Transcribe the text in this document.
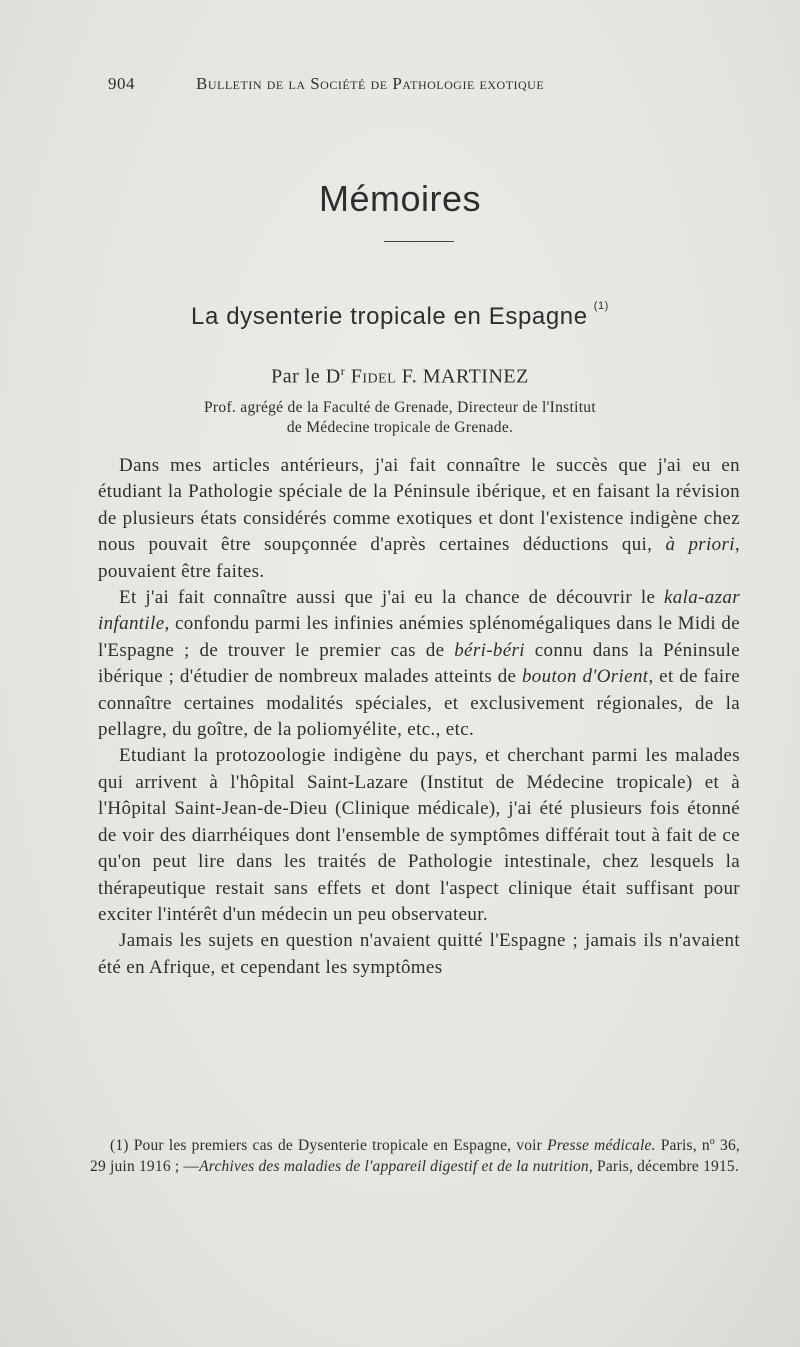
904	Bulletin de la Société de Pathologie exotique
Mémoires
La dysenterie tropicale en Espagne $^{(1)}$
Par le $D^r$ Fidel F. MARTINEZ
Prof. agrégé de la Faculté de Grenade, Directeur de l'Institut
de Médecine tropicale de Grenade.

Dans mes articles antérieurs, j'ai fait connaître le succès que j'ai eu en étudiant la Pathologie spéciale de la Péninsule ibérique, et en faisant la révision de plusieurs états considérés comme exotiques et dont l'existence indigène chez nous pouvait être soupçonnée d'après certaines déductions qui, à priori, pouvaient être faites.

Et j'ai fait connaître aussi que j'ai eu la chance de découvrir le kala-azar infantile, confondu parmi les infinies anémies splénomégaliques dans le Midi de l'Espagne ; de trouver le premier cas de béri-béri connu dans la Péninsule ibérique ; d'étudier de nombreux malades atteints de bouton d'Orient, et de faire connaître certaines modalités spéciales, et exclusivement régionales, de la pellagre, du goître, de la poliomyélite, etc., etc.

Etudiant la protozoologie indigène du pays, et cherchant parmi les malades qui arrivent à l'hôpital Saint-Lazare (Institut de Médecine tropicale) et à l'Hôpital Saint-Jean-de-Dieu (Clinique médicale), j'ai été plusieurs fois étonné de voir des diarrhéiques dont l'ensemble de symptômes différait tout à fait de ce qu'on peut lire dans les traités de Pathologie intestinale, chez lesquels la thérapeutique restait sans effets et dont l'aspect clinique était suffisant pour exciter l'intérêt d'un médecin un peu observateur.

Jamais les sujets en question n'avaient quitté l'Espagne ; jamais ils n'avaient été en Afrique, et cependant les symptômes

(1) Pour les premiers cas de Dysenterie tropicale en Espagne, voir Presse médicale. Paris, $n^o$ 36, 29 juin 1916 ; —Archives des maladies de l'appareil digestif et de la nutrition, Paris, décembre 1915.
